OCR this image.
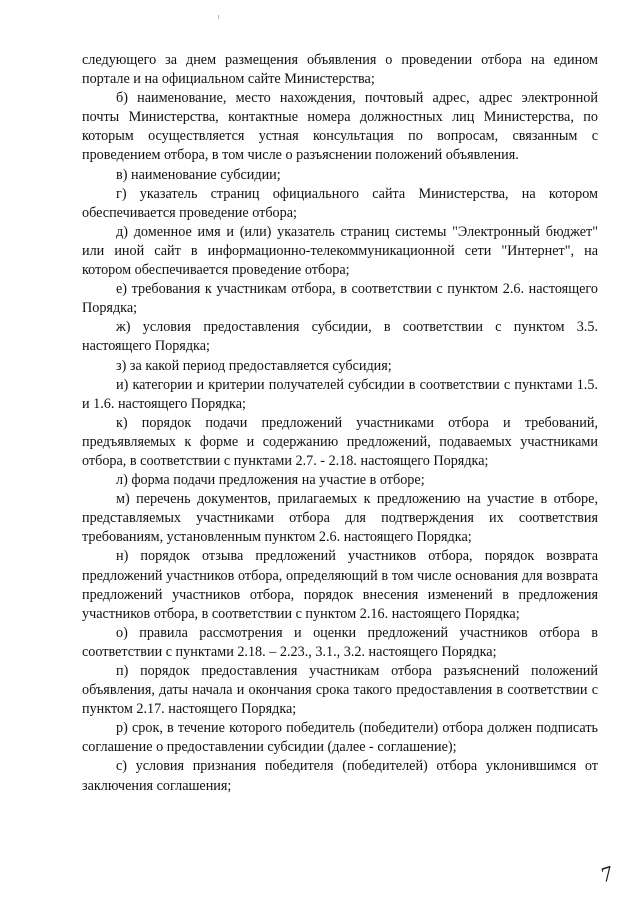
следующего за днем размещения объявления о проведении отбора на едином портале и на официальном сайте Министерства;

б) наименование, место нахождения, почтовый адрес, адрес электронной почты Министерства, контактные номера должностных лиц Министерства, по которым осуществляется устная консультация по вопросам, связанным с проведением отбора, в том числе о разъяснении положений объявления.

в) наименование субсидии;

г) указатель страниц официального сайта Министерства, на котором обеспечивается проведение отбора;

д) доменное имя и (или) указатель страниц системы "Электронный бюджет" или иной сайт в информационно-телекоммуникационной сети "Интернет", на котором обеспечивается проведение отбора;

е) требования к участникам отбора, в соответствии с пунктом 2.6. настоящего Порядка;

ж) условия предоставления субсидии, в соответствии с пунктом 3.5. настоящего Порядка;

з) за какой период предоставляется субсидия;

и) категории и критерии получателей субсидии в соответствии с пунктами 1.5. и 1.6. настоящего Порядка;

к) порядок подачи предложений участниками отбора и требований, предъявляемых к форме и содержанию предложений, подаваемых участниками отбора, в соответствии с пунктами 2.7. - 2.18. настоящего Порядка;

л) форма подачи предложения на участие в отборе;

м) перечень документов, прилагаемых к предложению на участие в отборе, представляемых участниками отбора для подтверждения их соответствия требованиям, установленным пунктом 2.6. настоящего Порядка;

н) порядок отзыва предложений участников отбора, порядок возврата предложений участников отбора, определяющий в том числе основания для возврата предложений участников отбора, порядок внесения изменений в предложения участников отбора, в соответствии с пунктом 2.16. настоящего Порядка;

о) правила рассмотрения и оценки предложений участников отбора в соответствии с пунктами 2.18. – 2.23., 3.1., 3.2. настоящего Порядка;

п) порядок предоставления участникам отбора разъяснений положений объявления, даты начала и окончания срока такого предоставления в соответствии с пунктом 2.17. настоящего Порядка;

р) срок, в течение которого победитель (победители) отбора должен подписать соглашение о предоставлении субсидии (далее - соглашение);

с) условия признания победителя (победителей) отбора уклонившимся от заключения соглашения;

7
